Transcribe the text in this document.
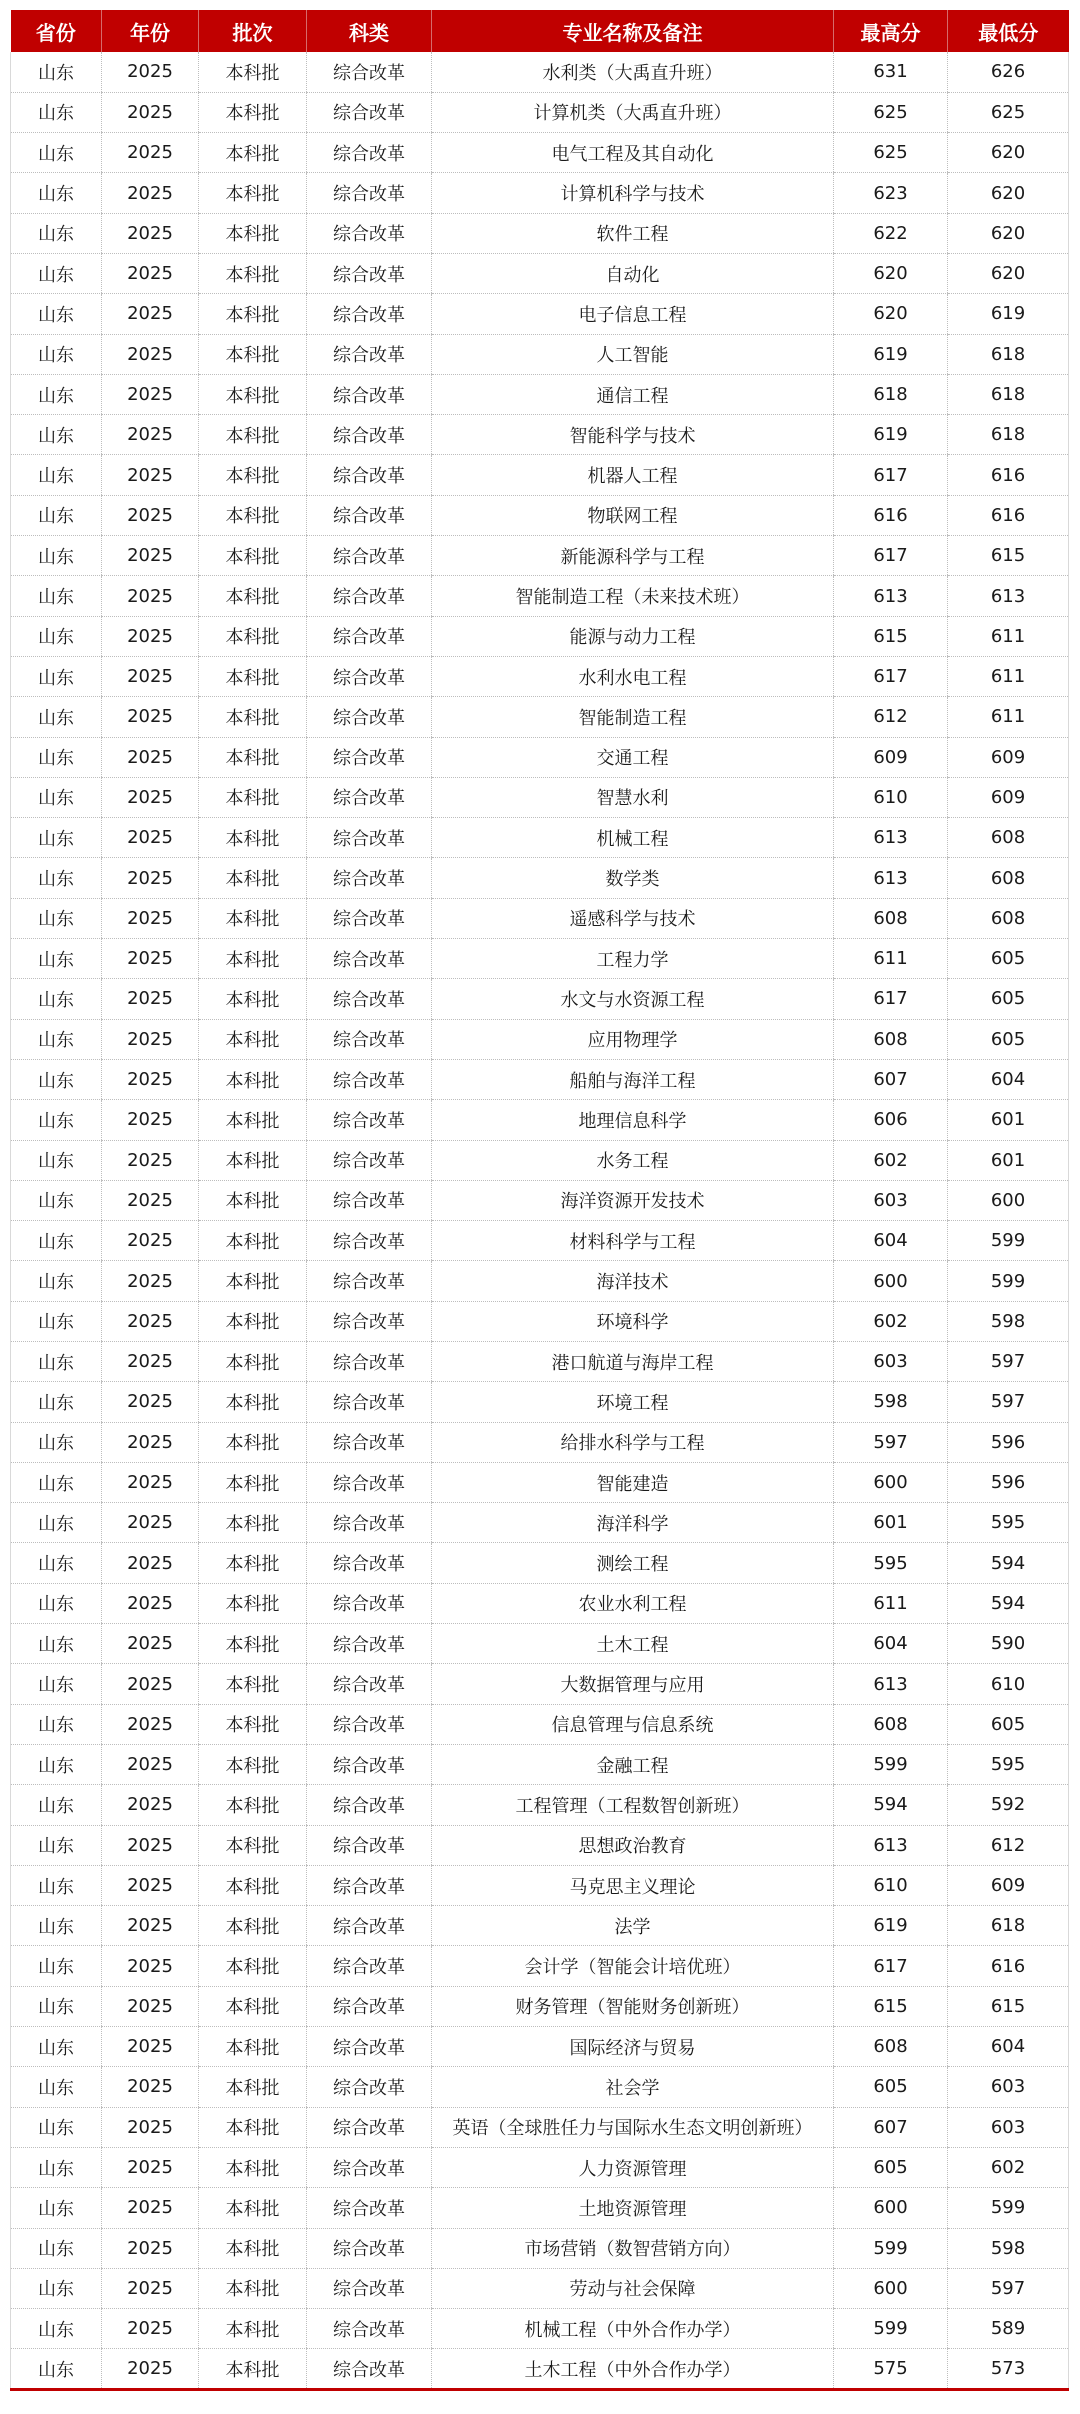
省份	年份	批次	科类	专业名称及备注	最高分	最低分
山东	2025	本科批	综合改革	水利类（大禹直升班）	631	626
山东	2025	本科批	综合改革	计算机类（大禹直升班）	625	625
山东	2025	本科批	综合改革	电气工程及其自动化	625	620
山东	2025	本科批	综合改革	计算机科学与技术	623	620
山东	2025	本科批	综合改革	软件工程	622	620
山东	2025	本科批	综合改革	自动化	620	620
山东	2025	本科批	综合改革	电子信息工程	620	619
山东	2025	本科批	综合改革	人工智能	619	618
山东	2025	本科批	综合改革	通信工程	618	618
山东	2025	本科批	综合改革	智能科学与技术	619	618
山东	2025	本科批	综合改革	机器人工程	617	616
山东	2025	本科批	综合改革	物联网工程	616	616
山东	2025	本科批	综合改革	新能源科学与工程	617	615
山东	2025	本科批	综合改革	智能制造工程（未来技术班）	613	613
山东	2025	本科批	综合改革	能源与动力工程	615	611
山东	2025	本科批	综合改革	水利水电工程	617	611
山东	2025	本科批	综合改革	智能制造工程	612	611
山东	2025	本科批	综合改革	交通工程	609	609
山东	2025	本科批	综合改革	智慧水利	610	609
山东	2025	本科批	综合改革	机械工程	613	608
山东	2025	本科批	综合改革	数学类	613	608
山东	2025	本科批	综合改革	遥感科学与技术	608	608
山东	2025	本科批	综合改革	工程力学	611	605
山东	2025	本科批	综合改革	水文与水资源工程	617	605
山东	2025	本科批	综合改革	应用物理学	608	605
山东	2025	本科批	综合改革	船舶与海洋工程	607	604
山东	2025	本科批	综合改革	地理信息科学	606	601
山东	2025	本科批	综合改革	水务工程	602	601
山东	2025	本科批	综合改革	海洋资源开发技术	603	600
山东	2025	本科批	综合改革	材料科学与工程	604	599
山东	2025	本科批	综合改革	海洋技术	600	599
山东	2025	本科批	综合改革	环境科学	602	598
山东	2025	本科批	综合改革	港口航道与海岸工程	603	597
山东	2025	本科批	综合改革	环境工程	598	597
山东	2025	本科批	综合改革	给排水科学与工程	597	596
山东	2025	本科批	综合改革	智能建造	600	596
山东	2025	本科批	综合改革	海洋科学	601	595
山东	2025	本科批	综合改革	测绘工程	595	594
山东	2025	本科批	综合改革	农业水利工程	611	594
山东	2025	本科批	综合改革	土木工程	604	590
山东	2025	本科批	综合改革	大数据管理与应用	613	610
山东	2025	本科批	综合改革	信息管理与信息系统	608	605
山东	2025	本科批	综合改革	金融工程	599	595
山东	2025	本科批	综合改革	工程管理（工程数智创新班）	594	592
山东	2025	本科批	综合改革	思想政治教育	613	612
山东	2025	本科批	综合改革	马克思主义理论	610	609
山东	2025	本科批	综合改革	法学	619	618
山东	2025	本科批	综合改革	会计学（智能会计培优班）	617	616
山东	2025	本科批	综合改革	财务管理（智能财务创新班）	615	615
山东	2025	本科批	综合改革	国际经济与贸易	608	604
山东	2025	本科批	综合改革	社会学	605	603
山东	2025	本科批	综合改革	英语（全球胜任力与国际水生态文明创新班）	607	603
山东	2025	本科批	综合改革	人力资源管理	605	602
山东	2025	本科批	综合改革	土地资源管理	600	599
山东	2025	本科批	综合改革	市场营销（数智营销方向）	599	598
山东	2025	本科批	综合改革	劳动与社会保障	600	597
山东	2025	本科批	综合改革	机械工程（中外合作办学）	599	589
山东	2025	本科批	综合改革	土木工程（中外合作办学）	575	573
